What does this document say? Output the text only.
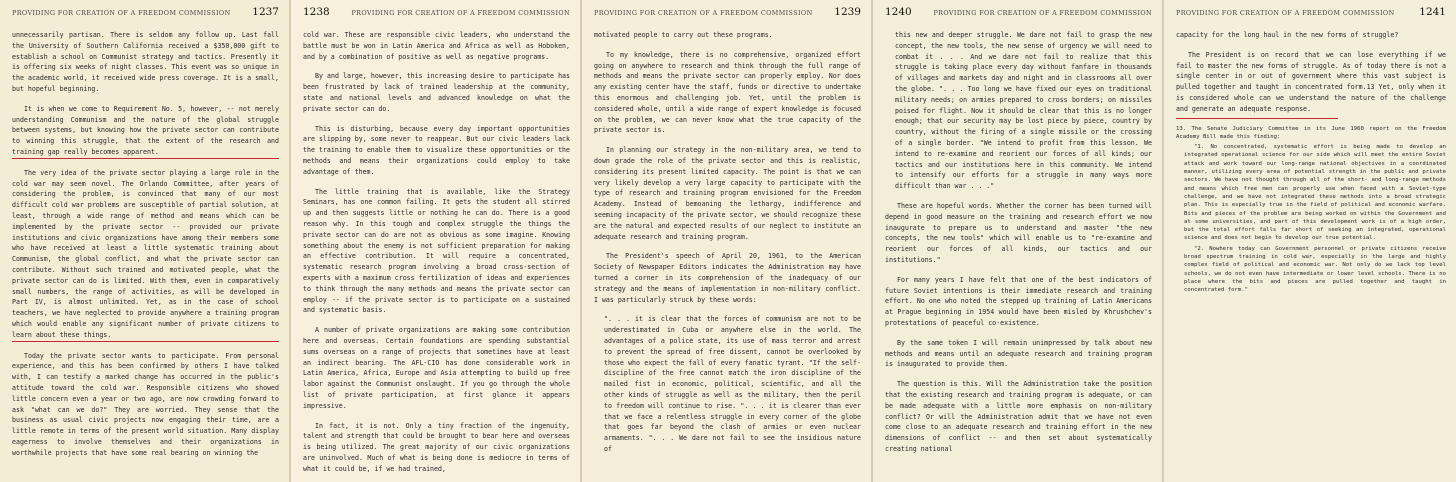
PROVIDING FOR CREATION OF A FREEDOM COMMISSION 1237

unnecessarily partisan. There is seldom any follow up. Last fall the University of Southern California received a $350,000 gift to establish a school on Communist strategy and tactics. Presently it is offering six weeks of night classes. This event was so unique in the academic world, it received wide press coverage. It is a small, but hopeful beginning.

It is when we come to Requirement No. 5, however, -- not merely understanding Communism and the nature of the global struggle between systems, but knowing how the private sector can contribute to winning this struggle, that the extent of the research and training gap really becomes apparent.

The very idea of the private sector playing a large role in the cold war may seem novel. The Orlando Committee, after years of considering the problem, is convinced that many of our most difficult cold war problems are susceptible of partial solution, at least, through a wide range of method and means which can be implemented by the private sector -- provided our private institutions and civic organizations have among their members some who have received at least a little systematic training about Communism, the global conflict, and what the private sector can contribute. Without such trained and motivated people, what the private sector can do is limited. With them, even in comparatively small numbers, the range of activities, as will be developed in Part IV, is almost unlimited. Yet, as in the case of school teachers, we have neglected to provide anywhere a training program which would enable any significant number of private citizens to learn about these things.

Today the private sector wants to participate. From personal experience, and this has been confirmed by others I have talked with, I can testify a marked change has occurred in the public's attitude toward the cold war. Responsible citizens who showed little concern even a year or two ago, are now crowding forward to ask "what can we do?" They are worried. They sense that the business as usual civic projects now engaging their time, are a little remote in terms of the present world situation. Many display eagerness to involve themselves and their organizations in worthwhile projects that have some real bearing on winning the

1238	PROVIDING FOR CREATION OF A FREEDOM COMMISSION

cold war. These are responsible civic leaders, who understand the battle must be won in Latin America and Africa as well as Hoboken, and by a combination of positive as well as negative programs.

By and large, however, this increasing desire to participate has been frustrated by lack of trained leadership at the community, state and national levels and advanced knowledge on what the private sector can do.

This is disturbing, because every day important opportunities are slipping by, some never to reappear. But our civic leaders lack the training to enable them to visualize these opportunities or the methods and means their organizations could employ to take advantage of them.

The little training that is available, like the Strategy Seminars, has one common failing. It gets the student all stirred up and then suggests little or nothing he can do. There is a good reason why. In this tough and complex struggle the things the private sector can do are not as obvious as some imagine. Knowing something about the enemy is not sufficient preparation for making an effective contribution. It will require a concentrated, systematic research program involving a broad cross-section of experts with a maximum cross fertilization of ideas and experiences to think through the many methods and means the private sector can employ -- if the private sector is to participate on a sustained and systematic basis.

A number of private organizations are making some contribution here and overseas. Certain foundations are spending substantial sums overseas on a range of projects that sometimes have at least an indirect bearing. The AFL-CIO has done considerable work in Latin America, Africa, Europe and Asia attempting to build up free labor against the Communist onslaught. If you go through the whole list of private participation, at first glance it appears impressive.

In fact, it is not. Only a tiny fraction of the ingenuity, talent and strength that could be brought to bear here and overseas is being utilized. The great majority of our civic organizations are uninvolved. Much of what is being done is mediocre in terms of what it could be, if we had trained,

PROVIDING FOR CREATION OF A FREEDOM COMMISSION 1239

motivated people to carry out these programs.

To my knowledge, there is no comprehensive, organized effort going on anywhere to research and think through the full range of methods and means the private sector can properly employ. Nor does any existing center have the staff, funds or directive to undertake this enormous and challenging job. Yet, until the problem is considered whole, until a wide range of expert knowledge is focused on the problem, we can never know what the true capacity of the private sector is.

In planning our strategy in the non-military area, we tend to down grade the role of the private sector and this is realistic, considering its present limited capacity. The point is that we can very likely develop a very large capacity to participate with the type of research and training program envisioned for the Freedom Academy. Instead of bemoaning the lethargy, indifference and seeming incapacity of the private sector, we should recognize these are the natural and expected results of our neglect to institute an adequate research and training program.

The President's speech of April 20, 1961, to the American Society of Newspaper Editors indicates the Administration may have turned a corner in its comprehension of the inadequacy of our strategy and the means of implementation in non-military conflict. I was particularly struck by these words:

". . . it is clear that the forces of communism are not to be underestimated in Cuba or anywhere else in the world. The advantages of a police state, its use of mass terror and arrest to prevent the spread of free dissent, cannot be overlooked by those who expect the fall of every fanatic tyrant. "If the self-discipline of the free cannot match the iron discipline of the mailed fist in economic, political, scientific, and all the other kinds of struggle as well as the military, then the peril to freedom will continue to rise. ". . . it is clearer than ever that we face a relentless struggle in every corner of the globe that goes far beyond the clash of armies or even nuclear armaments. ". . . We dare not fail to see the insidious nature of

1240	PROVIDING FOR CREATION OF A FREEDOM COMMISSION

this new and deeper struggle. We dare not fail to grasp the new concept, the new tools, the new sense of urgency we will need to combat it . . . And we dare not fail to realize that this struggle is taking place every day without fanfare in thousands of villages and markets day and night and in classrooms all over the globe. ". . . Too long we have fixed our eyes on traditional military needs; on armies prepared to cross borders; on missiles poised for flight. Now it should be clear that this is no longer enough; that our security may be lost piece by piece, country by country, without the firing of a single missile or the crossing of a single border. "We intend to profit from this lesson. We intend to re-examine and reorient our forces of all kinds; our tactics and our institutions here in this community. We intend to intensify our efforts for a struggle in many ways more difficult than war . . ."

These are hopeful words. Whether the corner has been turned will depend in good measure on the training and research effort we now inaugurate to prepare us to understand and master "the new concepts, the new tools" which will enable us to "re-examine and reorient our forces of all kinds, our tactics and our institutions."

For many years I have felt that one of the best indicators of future Soviet intentions is their immediate research and training effort. No one who noted the stepped up training of Latin Americans at Prague beginning in 1954 would have been misled by Khrushchev's protestations of peaceful co-existence.

By the same token I will remain unimpressed by talk about new methods and means until an adequate research and training program is inaugurated to provide them.

The question is this. Will the Administration take the position that the existing research and training program is adequate, or can be made adequate with a little more emphasis on non-military conflict? Or will the Administration admit that we have not even come close to an adequate research and training effort in the new dimensions of conflict -- and then set about systematically creating national

PROVIDING FOR CREATION OF A FREEDOM COMMISSION 1241

capacity for the long haul in the new forms of struggle?

The President is on record that we can lose everything if we fail to master the new forms of struggle. As of today there is not a single center in or out of government where this vast subject is pulled together and taught in concentrated form.13 Yet, only when it is considered whole can we understand the nature of the challenge and generate an adequate response.

13. The Senate Judiciary Committee in its June 1960 report on the Freedom Academy Bill made this finding:

"1. No concentrated, systematic effort is being made to develop an integrated operational science for our side which will meet the entire Soviet attack and work toward our long-range national objectives in a coordinated manner, utilizing every area of potential strength in the public and private sectors. We have not thought through all of the short- and long-range methods and means which free men can properly use when faced with a Soviet-type challenge, and we have not integrated these methods into a broad strategic plan. This is especially true in the field of political and economic warfare. Bits and pieces of the problem are being worked on within the Government and at some universities, and part of this development work is of a high order, but the total effort falls far short of seeking an integrated, operational science and does not begin to develop our true potential.

"2. Nowhere today can Government personnel or private citizens receive broad spectrum training in cold war, especially in the large and highly complex field of political and economic war. Not only do we lack top level schools, we do not even have intermediate or lower level schools. There is no place where the bits and pieces are pulled together and taught in concentrated form."
